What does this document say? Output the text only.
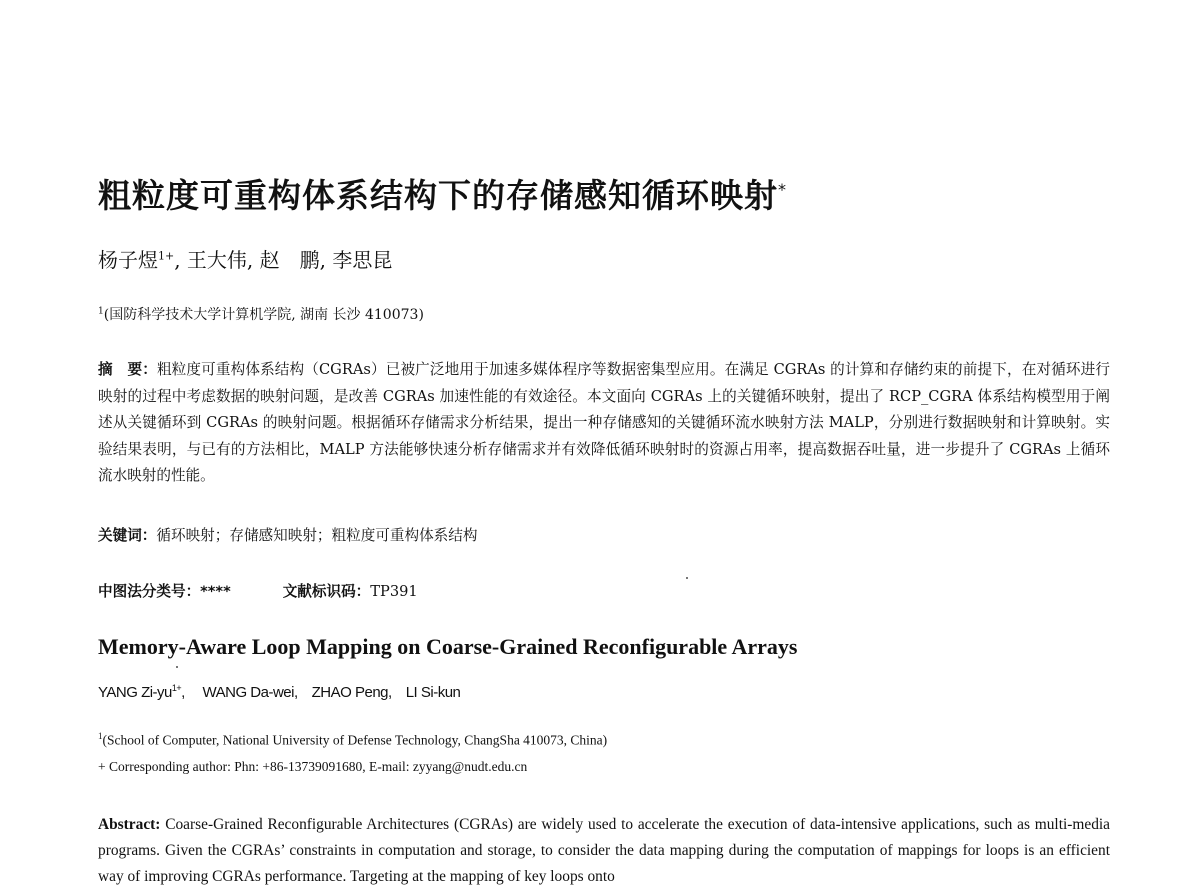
粗粒度可重构体系结构下的存储感知循环映射*
杨子煜$^{1+}$, 王大伟, 赵　鹏, 李思昆
$^1$(国防科学技术大学计算机学院, 湖南 长沙 410073)
摘　要：粗粒度可重构体系结构（CGRAs）已被广泛地用于加速多媒体程序等数据密集型应用。在满足 CGRAs 的计算和存储约束的前提下，在对循环进行映射的过程中考虑数据的映射问题，是改善 CGRAs 加速性能的有效途径。本文面向 CGRAs 上的关键循环映射，提出了 RCP_CGRA 体系结构模型用于阐述从关键循环到 CGRAs 的映射问题。根据循环存储需求分析结果，提出一种存储感知的关键循环流水映射方法 MALP，分别进行数据映射和计算映射。实验结果表明，与已有的方法相比，MALP 方法能够快速分析存储需求并有效降低循环映射时的资源占用率，提高数据吞吐量，进一步提升了 CGRAs 上循环流水映射的性能。
关键词：循环映射；存储感知映射；粗粒度可重构体系结构
中图法分类号：****	文献标识码：TP391
Memory-Aware Loop Mapping on Coarse-Grained Reconfigurable Arrays
YANG $Zi-yu^{1+}$, WANG Da-wei, ZHAO Peng, LI Si-kun
$^1$(School of Computer, National University of Defense Technology, ChangSha 410073, China)
+ Corresponding author: Phn: +86-13739091680, E-mail: zyyang@nudt.edu.cn
Abstract: Coarse-Grained Reconfigurable Architectures (CGRAs) are widely used to accelerate the execution of data-intensive applications, such as multi-media programs. Given the CGRAs’ constraints in computation and storage, to consider the data mapping during the computation of mappings for loops is an efficient way of improving CGRAs performance. Targeting at the mapping of key loops onto
